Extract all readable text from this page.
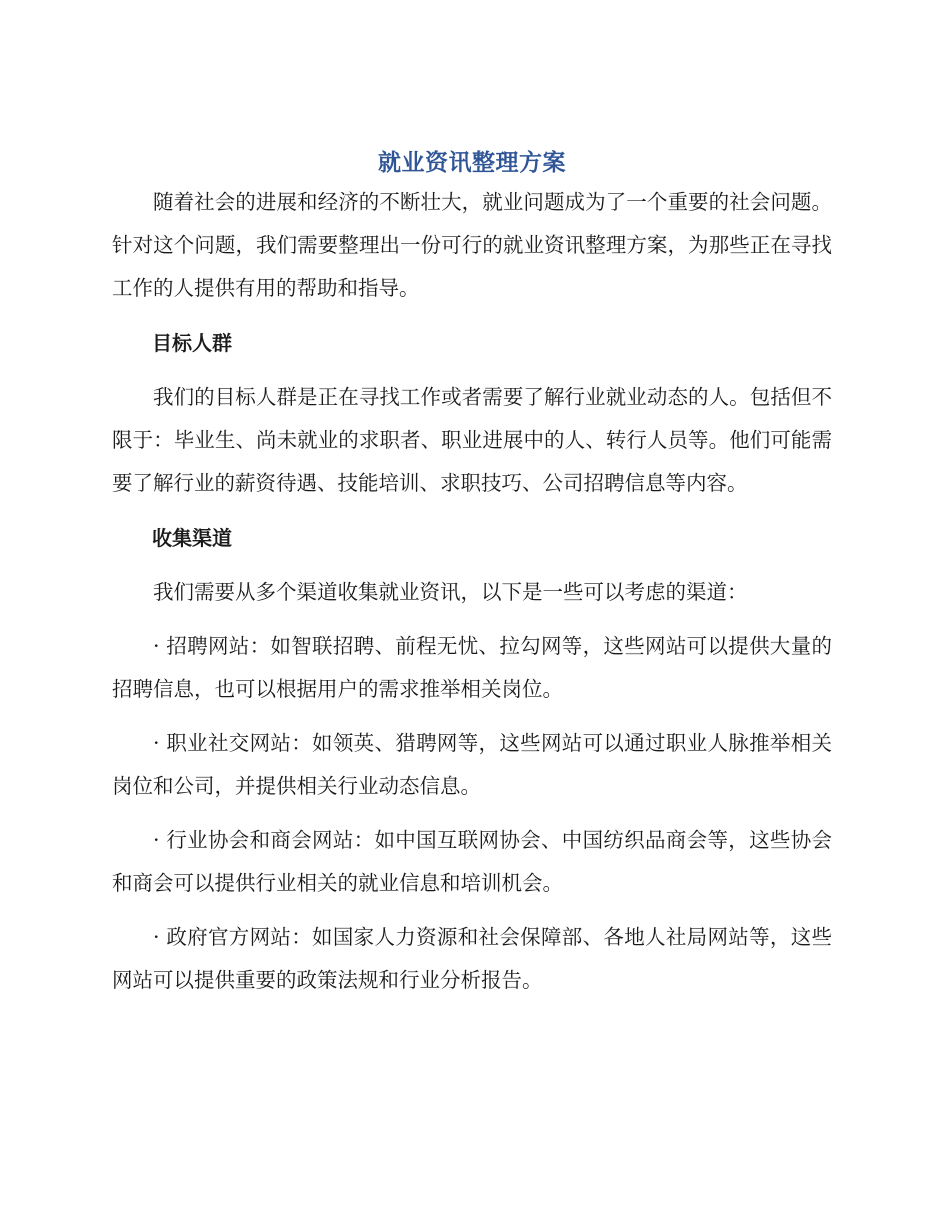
就业资讯整理方案

随着社会的进展和经济的不断壮大，就业问题成为了一个重要的社会问题。针对这个问题，我们需要整理出一份可行的就业资讯整理方案，为那些正在寻找工作的人提供有用的帮助和指导。

目标人群

我们的目标人群是正在寻找工作或者需要了解行业就业动态的人。包括但不限于：毕业生、尚未就业的求职者、职业进展中的人、转行人员等。他们可能需要了解行业的薪资待遇、技能培训、求职技巧、公司招聘信息等内容。

收集渠道

我们需要从多个渠道收集就业资讯，以下是一些可以考虑的渠道：

· 招聘网站：如智联招聘、前程无忧、拉勾网等，这些网站可以提供大量的招聘信息，也可以根据用户的需求推举相关岗位。

· 职业社交网站：如领英、猎聘网等，这些网站可以通过职业人脉推举相关岗位和公司，并提供相关行业动态信息。

· 行业协会和商会网站：如中国互联网协会、中国纺织品商会等，这些协会和商会可以提供行业相关的就业信息和培训机会。

· 政府官方网站：如国家人力资源和社会保障部、各地人社局网站等，这些网站可以提供重要的政策法规和行业分析报告。
